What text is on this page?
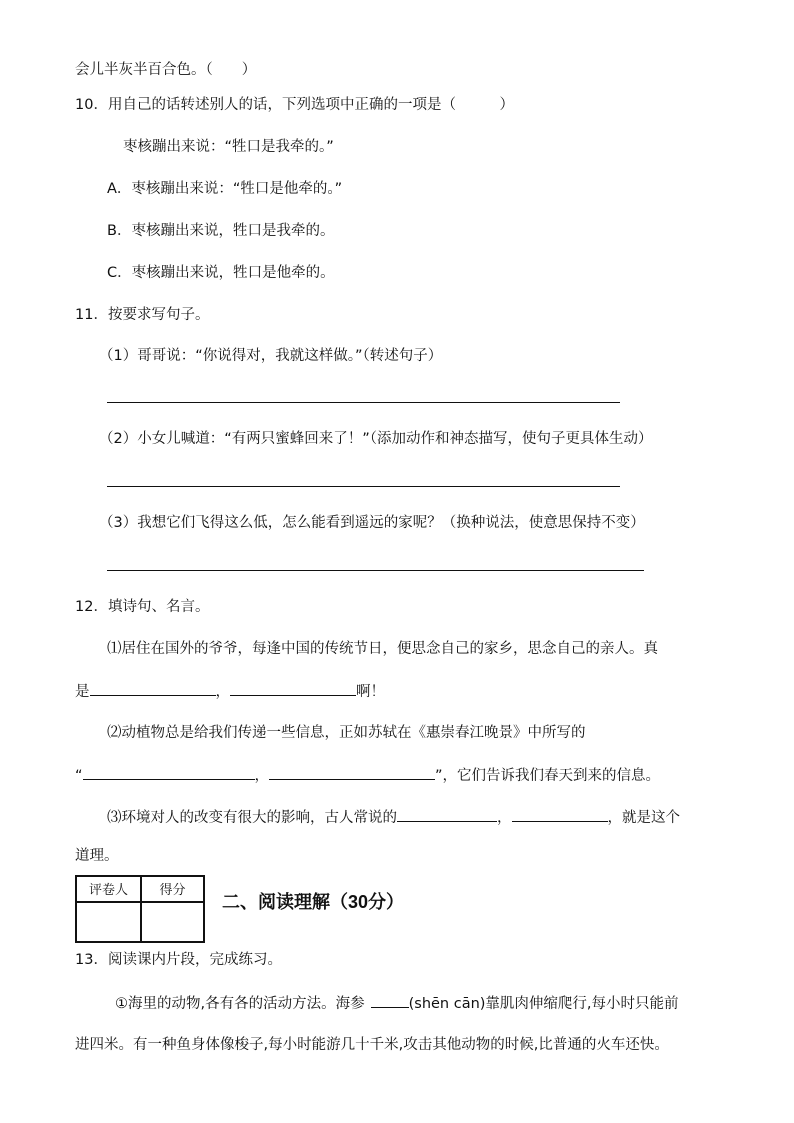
会儿半灰半百合色。（　　）
10．用自己的话转述别人的话，下列选项中正确的一项是（　　　）
枣核蹦出来说：“牲口是我牵的。”
A．枣核蹦出来说：“牲口是他牵的。”
B．枣核蹦出来说，牲口是我牵的。
C．枣核蹦出来说，牲口是他牵的。
11．按要求写句子。
（1）哥哥说：“你说得对，我就这样做。”（转述句子）
（2）小女儿喊道：“有两只蜜蜂回来了！”（添加动作和神态描写，使句子更具体生动）
（3）我想它们飞得这么低，怎么能看到遥远的家呢？（换种说法，使意思保持不变）
12．填诗句、名言。
⑴居住在国外的爷爷，每逢中国的传统节日，便思念自己的家乡，思念自己的亲人。真
是	，	啊！
⑵动植物总是给我们传递一些信息，正如苏轼在《惠崇春江晚景》中所写的
“	，	”，它们告诉我们春天到来的信息。
⑶环境对人的改变有很大的影响，古人常说的	，	，就是这个
道理。
评卷人	得分
二、阅读理解（30分）
13．阅读课内片段，完成练习。
①海里的动物,各有各的活动方法。海参	(shēn cān)靠肌肉伸缩爬行,每小时只能前
进四米。有一种鱼身体像梭子,每小时能游几十千米,攻击其他动物的时候,比普通的火车还快。
